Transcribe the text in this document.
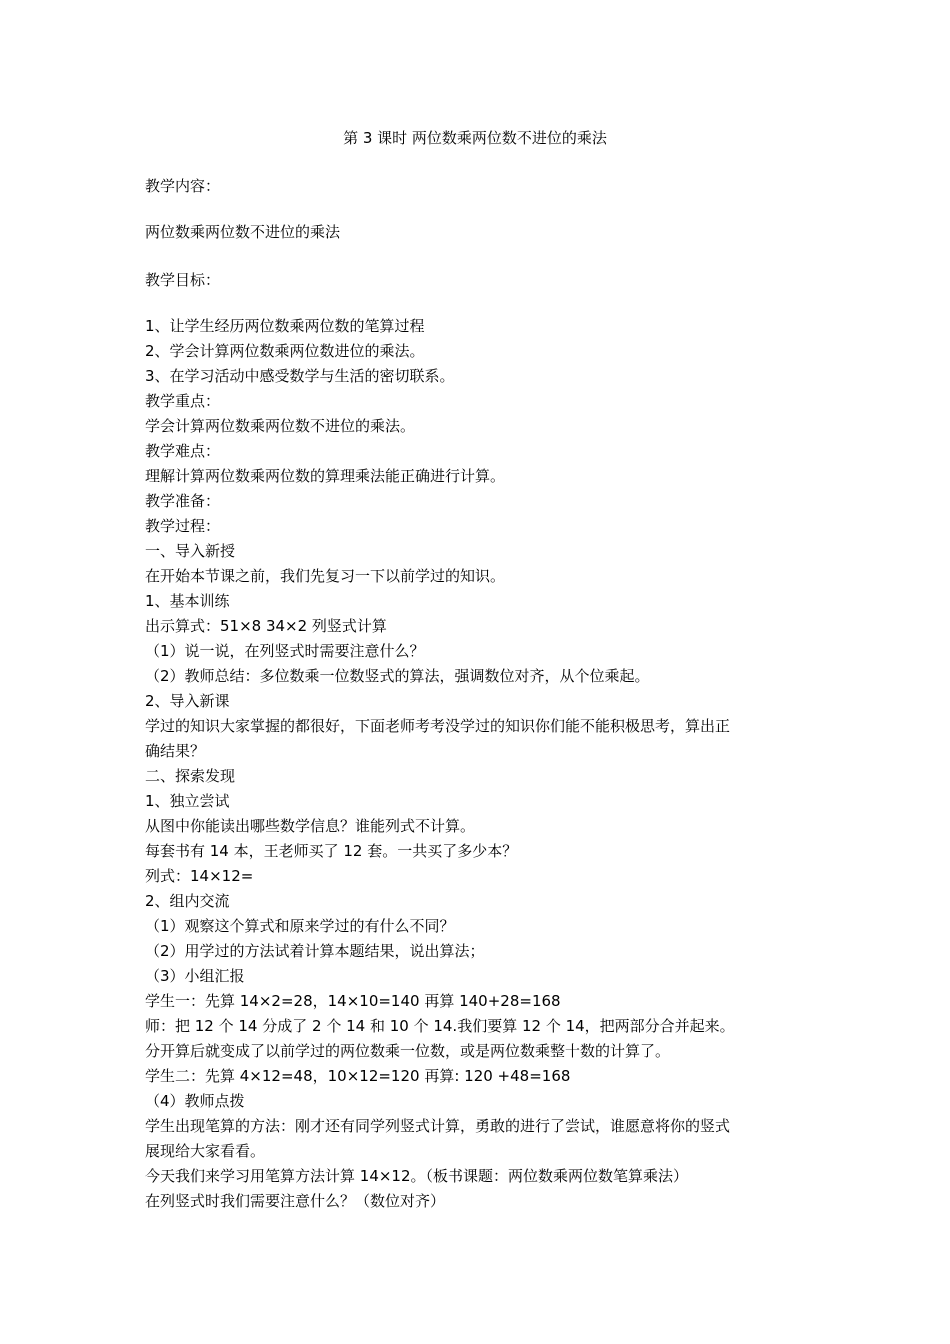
第 3 课时 两位数乘两位数不进位的乘法
教学内容：
两位数乘两位数不进位的乘法
教学目标：
1、让学生经历两位数乘两位数的笔算过程
2、学会计算两位数乘两位数进位的乘法。
3、在学习活动中感受数学与生活的密切联系。
教学重点：
学会计算两位数乘两位数不进位的乘法。
教学难点：
理解计算两位数乘两位数的算理乘法能正确进行计算。
教学准备：
教学过程：
一、导入新授
在开始本节课之前，我们先复习一下以前学过的知识。
1、基本训练
出示算式：51×8 34×2 列竖式计算
（1）说一说，在列竖式时需要注意什么？
（2）教师总结：多位数乘一位数竖式的算法，强调数位对齐，从个位乘起。
2、导入新课
学过的知识大家掌握的都很好，下面老师考考没学过的知识你们能不能积极思考，算出正
确结果？
二、探索发现
1、独立尝试
从图中你能读出哪些数学信息？谁能列式不计算。
每套书有 14 本，王老师买了 12 套。一共买了多少本？
列式：14×12=
2、组内交流
（1）观察这个算式和原来学过的有什么不同？
（2）用学过的方法试着计算本题结果，说出算法；
（3）小组汇报
学生一：先算 14×2=28，14×10=140 再算 140+28=168
师：把 12 个 14 分成了 2 个 14 和 10 个 14.我们要算 12 个 14，把两部分合并起来。
分开算后就变成了以前学过的两位数乘一位数，或是两位数乘整十数的计算了。
学生二：先算 4×12=48，10×12=120 再算: 120 +48=168
（4）教师点拨
学生出现笔算的方法：刚才还有同学列竖式计算，勇敢的进行了尝试，谁愿意将你的竖式
展现给大家看看。
今天我们来学习用笔算方法计算 14×12。（板书课题：两位数乘两位数笔算乘法）
在列竖式时我们需要注意什么？（数位对齐）
